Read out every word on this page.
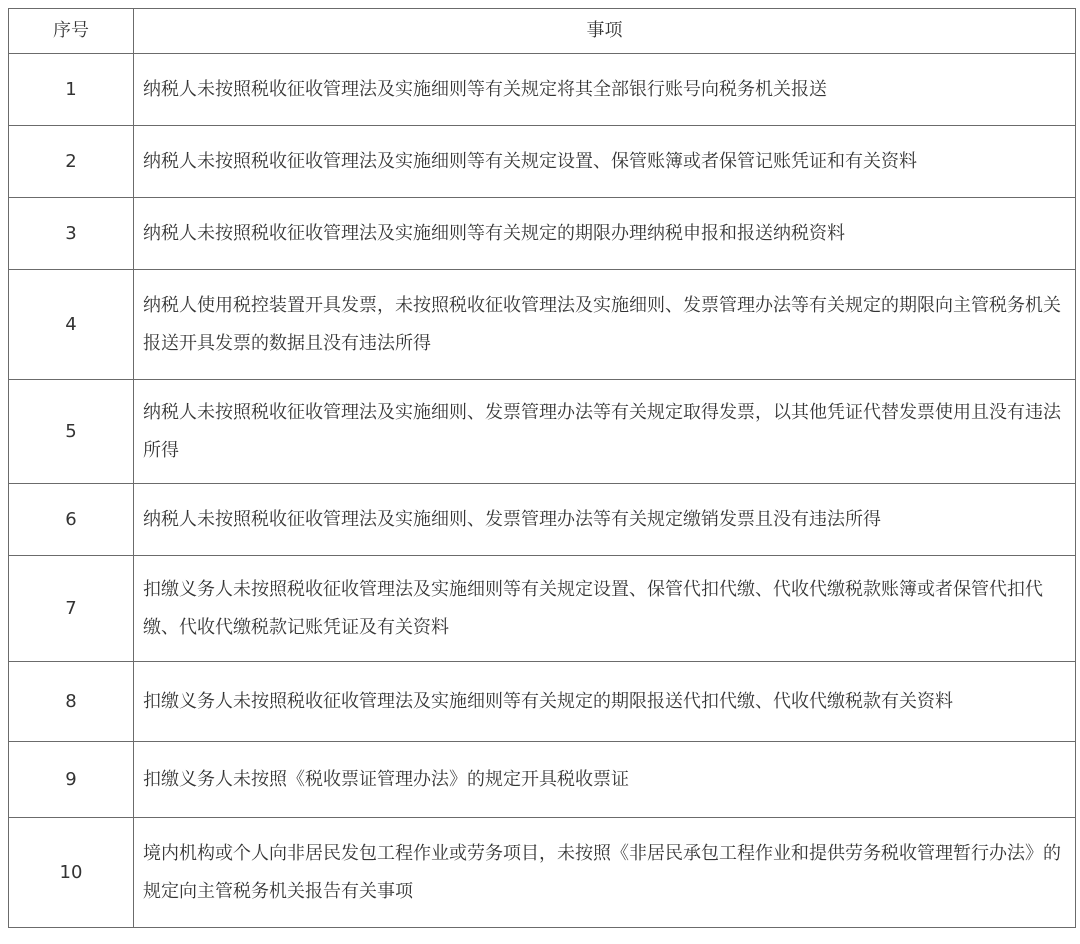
序号	事项
1	纳税人未按照税收征收管理法及实施细则等有关规定将其全部银行账号向税务机关报送
2	纳税人未按照税收征收管理法及实施细则等有关规定设置、保管账簿或者保管记账凭证和有关资料
3	纳税人未按照税收征收管理法及实施细则等有关规定的期限办理纳税申报和报送纳税资料
4	纳税人使用税控装置开具发票，未按照税收征收管理法及实施细则、发票管理办法等有关规定的期限向主管税务机关报送开具发票的数据且没有违法所得
5	纳税人未按照税收征收管理法及实施细则、发票管理办法等有关规定取得发票，以其他凭证代替发票使用且没有违法所得
6	纳税人未按照税收征收管理法及实施细则、发票管理办法等有关规定缴销发票且没有违法所得
7	扣缴义务人未按照税收征收管理法及实施细则等有关规定设置、保管代扣代缴、代收代缴税款账簿或者保管代扣代缴、代收代缴税款记账凭证及有关资料
8	扣缴义务人未按照税收征收管理法及实施细则等有关规定的期限报送代扣代缴、代收代缴税款有关资料
9	扣缴义务人未按照《税收票证管理办法》的规定开具税收票证
10	境内机构或个人向非居民发包工程作业或劳务项目，未按照《非居民承包工程作业和提供劳务税收管理暂行办法》的规定向主管税务机关报告有关事项
